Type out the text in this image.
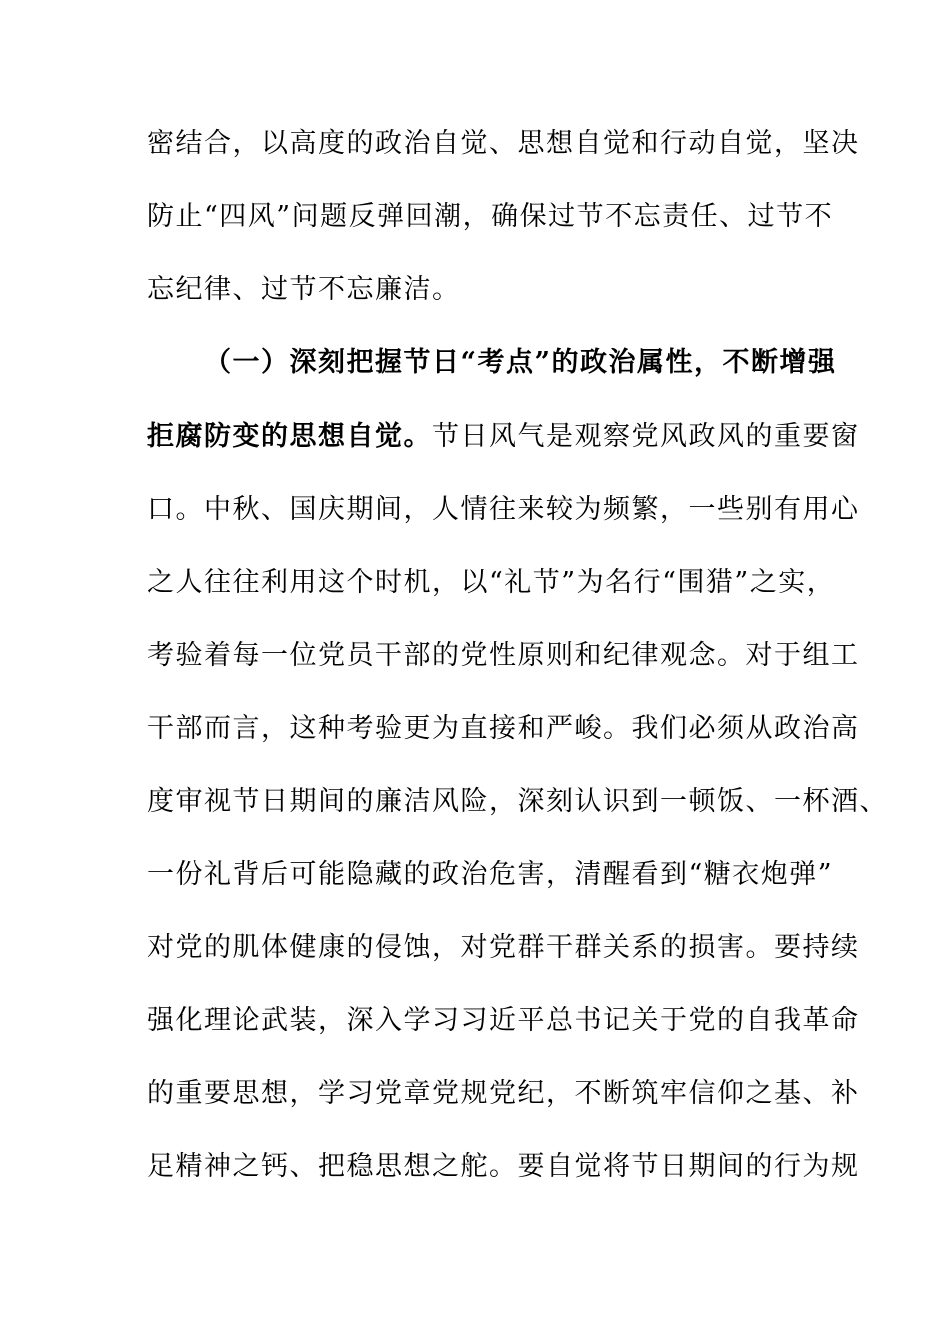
密结合，以高度的政治自觉、思想自觉和行动自觉，坚决
防止“四风”问题反弹回潮，确保过节不忘责任、过节不
忘纪律、过节不忘廉洁。
（一）深刻把握节日“考点”的政治属性，不断增强
拒腐防变的思想自觉。节日风气是观察党风政风的重要窗
口。中秋、国庆期间，人情往来较为频繁，一些别有用心
之人往往利用这个时机，以“礼节”为名行“围猎”之实，
考验着每一位党员干部的党性原则和纪律观念。对于组工
干部而言，这种考验更为直接和严峻。我们必须从政治高
度审视节日期间的廉洁风险，深刻认识到一顿饭、一杯酒、
一份礼背后可能隐藏的政治危害，清醒看到“糖衣炮弹”
对党的肌体健康的侵蚀，对党群干群关系的损害。要持续
强化理论武装，深入学习习近平总书记关于党的自我革命
的重要思想，学习党章党规党纪，不断筑牢信仰之基、补
足精神之钙、把稳思想之舵。要自觉将节日期间的行为规
